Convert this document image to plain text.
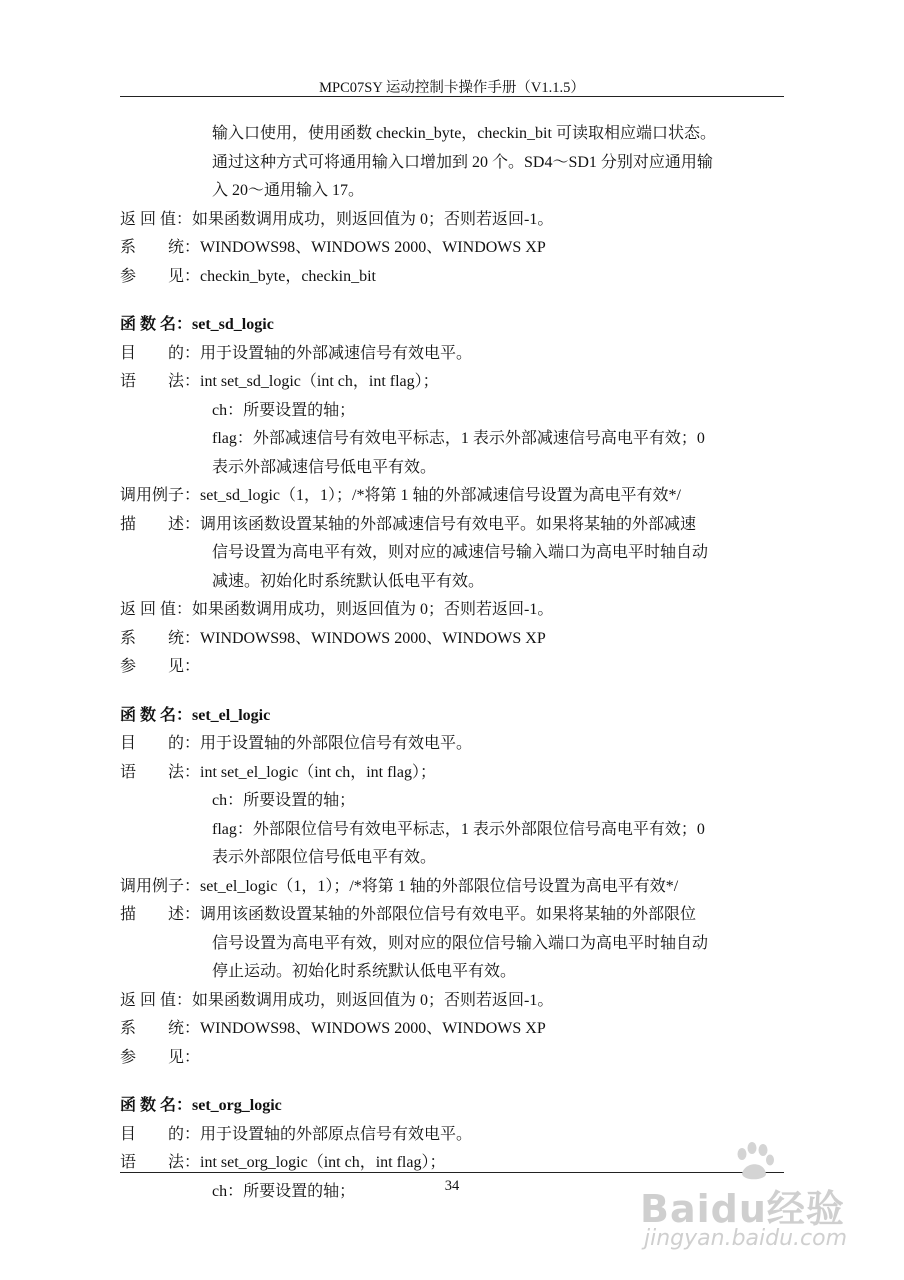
MPC07SY 运动控制卡操作手册（V1.1.5）
输入口使用，使用函数 checkin_byte，checkin_bit 可读取相应端口状态。
通过这种方式可将通用输入口增加到 20 个。SD4～SD1 分别对应通用输
入 20～通用输入 17。
返 回 值：如果函数调用成功，则返回值为 0；否则若返回-1。
系　　统：WINDOWS98、WINDOWS 2000、WINDOWS XP
参　　见：checkin_byte，checkin_bit
函 数 名：set_sd_logic
目　　的：用于设置轴的外部减速信号有效电平。
语　　法：int set_sd_logic（int ch，int flag）；
ch：所要设置的轴；
flag：外部减速信号有效电平标志，1 表示外部减速信号高电平有效；0
表示外部减速信号低电平有效。
调用例子：set_sd_logic（1，1）；/*将第 1 轴的外部减速信号设置为高电平有效*/
描　　述：调用该函数设置某轴的外部减速信号有效电平。如果将某轴的外部减速
信号设置为高电平有效，则对应的减速信号输入端口为高电平时轴自动
减速。初始化时系统默认低电平有效。
返 回 值：如果函数调用成功，则返回值为 0；否则若返回-1。
系　　统：WINDOWS98、WINDOWS 2000、WINDOWS XP
参　　见：
函 数 名：set_el_logic
目　　的：用于设置轴的外部限位信号有效电平。
语　　法：int set_el_logic（int ch，int flag）；
ch：所要设置的轴；
flag：外部限位信号有效电平标志，1 表示外部限位信号高电平有效；0
表示外部限位信号低电平有效。
调用例子：set_el_logic（1，1）；/*将第 1 轴的外部限位信号设置为高电平有效*/
描　　述：调用该函数设置某轴的外部限位信号有效电平。如果将某轴的外部限位
信号设置为高电平有效，则对应的限位信号输入端口为高电平时轴自动
停止运动。初始化时系统默认低电平有效。
返 回 值：如果函数调用成功，则返回值为 0；否则若返回-1。
系　　统：WINDOWS98、WINDOWS 2000、WINDOWS XP
参　　见：
函 数 名：set_org_logic
目　　的：用于设置轴的外部原点信号有效电平。
语　　法：int set_org_logic（int ch，int flag）；
ch：所要设置的轴；	34
Baidu经验
jingyan.baidu.com
